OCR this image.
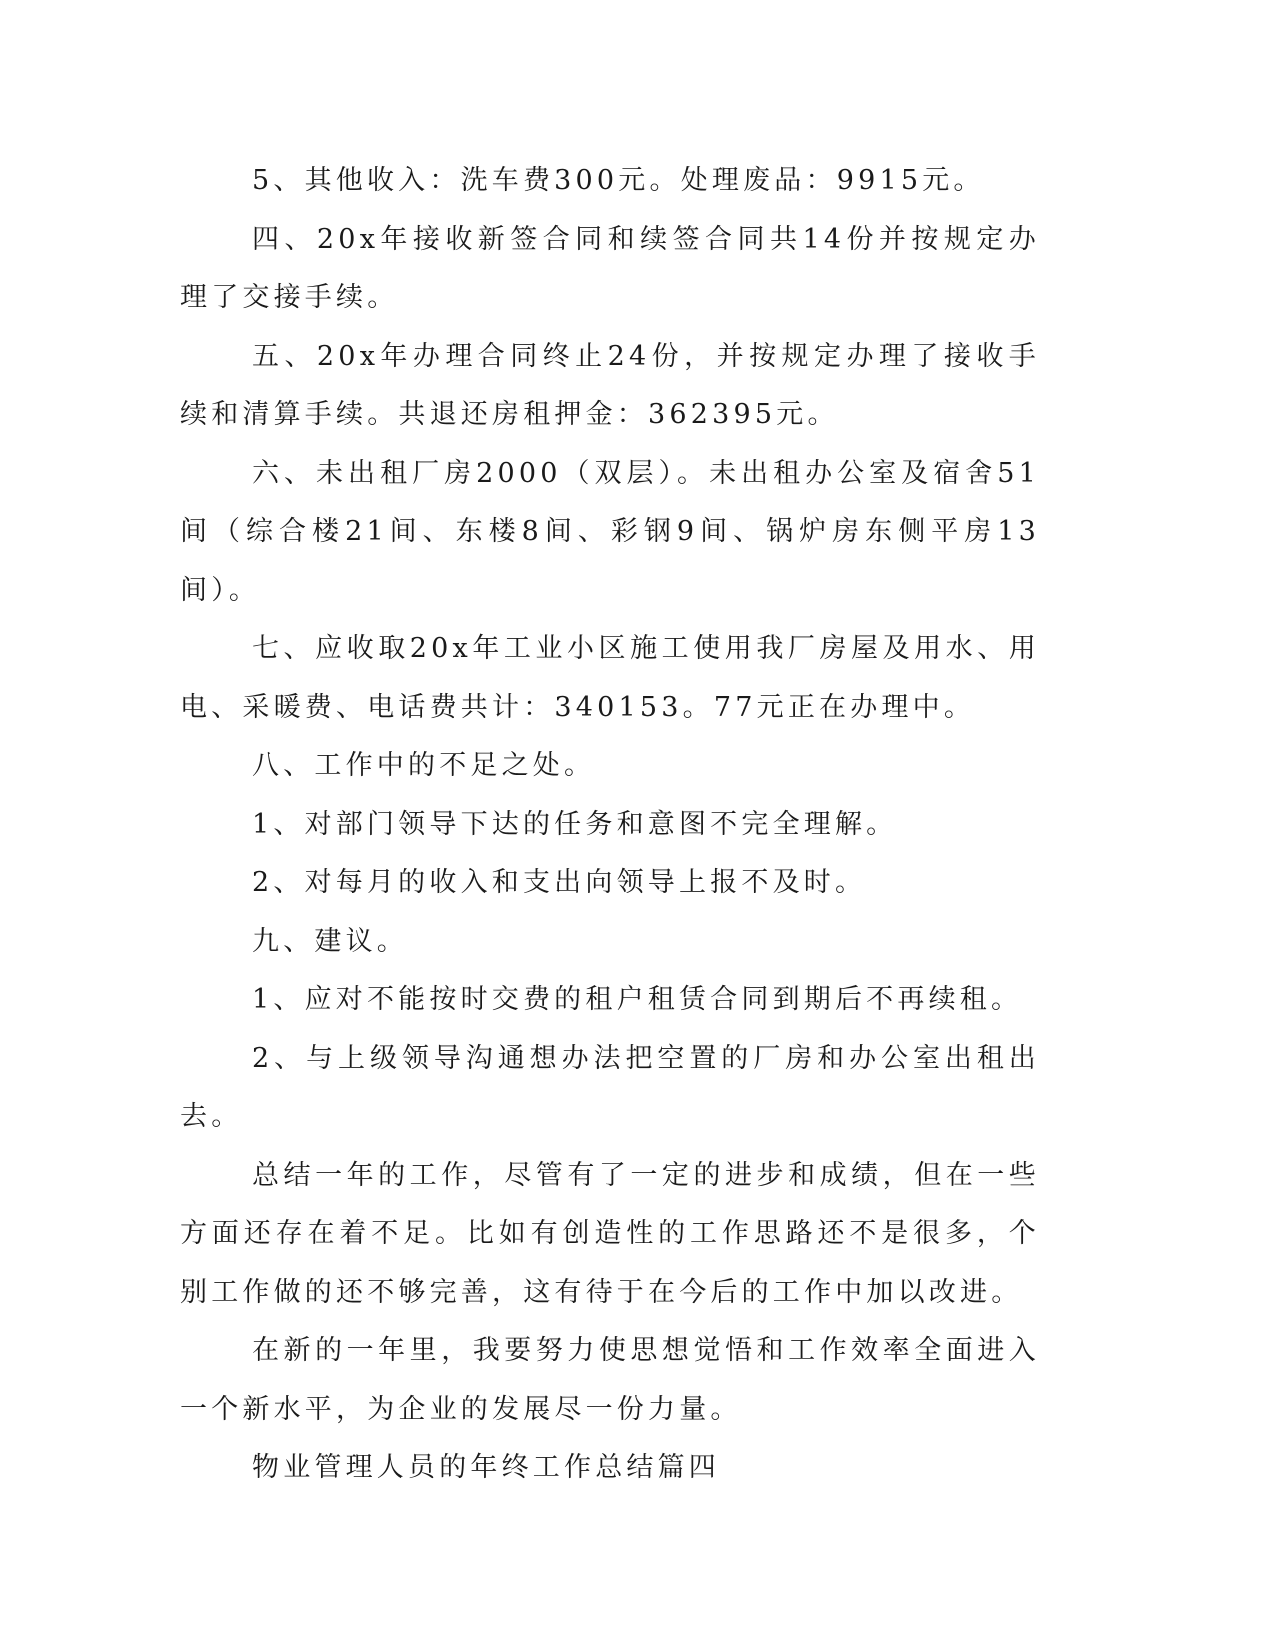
5、其他收入：洗车费300元。处理废品：9915元。

四、20x年接收新签合同和续签合同共14份并按规定办理了交接手续。

五、20x年办理合同终止24份，并按规定办理了接收手续和清算手续。共退还房租押金：362395元。

六、未出租厂房2000（双层）。未出租办公室及宿舍51间（综合楼21间、东楼8间、彩钢9间、锅炉房东侧平房13间）。

七、应收取20x年工业小区施工使用我厂房屋及用水、用电、采暖费、电话费共计：340153。77元正在办理中。

八、工作中的不足之处。

1、对部门领导下达的任务和意图不完全理解。

2、对每月的收入和支出向领导上报不及时。

九、建议。

1、应对不能按时交费的租户租赁合同到期后不再续租。

2、与上级领导沟通想办法把空置的厂房和办公室出租出去。

总结一年的工作，尽管有了一定的进步和成绩，但在一些方面还存在着不足。比如有创造性的工作思路还不是很多，个别工作做的还不够完善，这有待于在今后的工作中加以改进。

在新的一年里，我要努力使思想觉悟和工作效率全面进入一个新水平，为企业的发展尽一份力量。

物业管理人员的年终工作总结篇四
